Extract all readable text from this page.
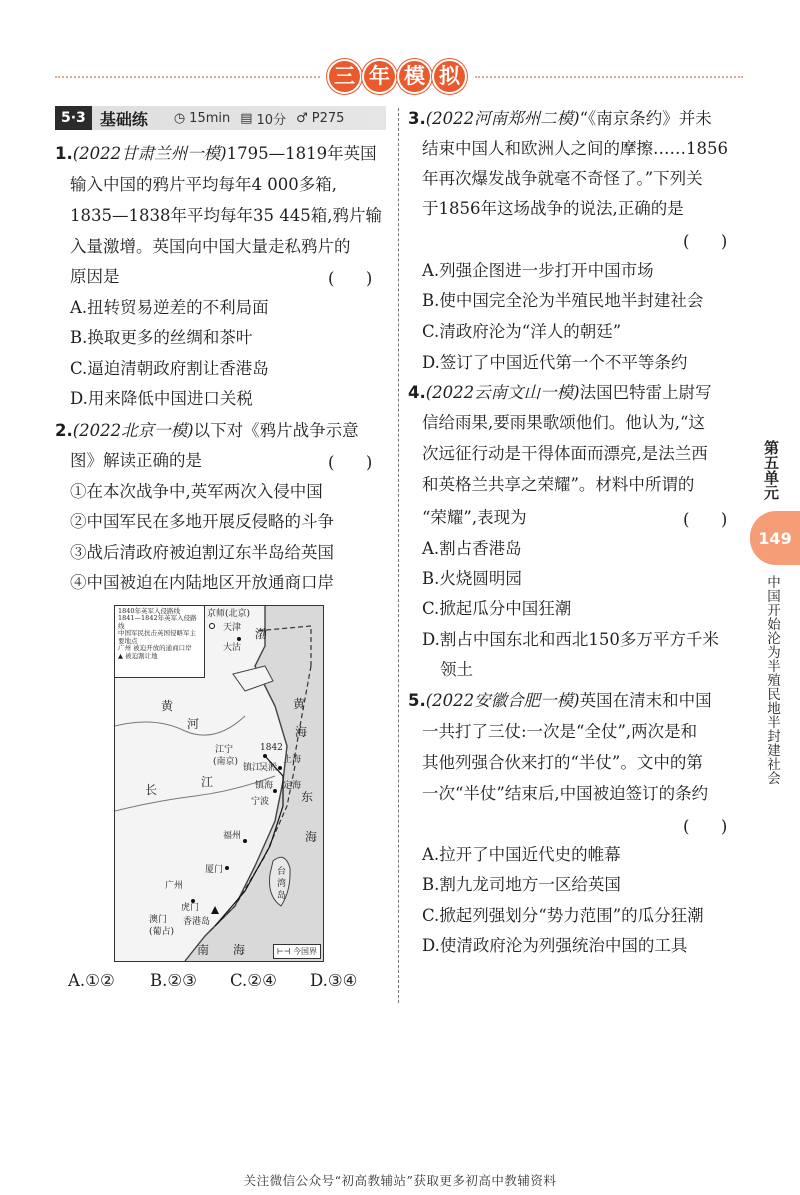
三 年 模 拟
5·3 基础练 ◷ 15min ▤ 10分 ♂ P275
1.(2022甘肃兰州一模)1795—1819年英国
输入中国的鸦片平均每年4 000多箱,
1835—1838年平均每年35 445箱,鸦片输
入量激增。英国向中国大量走私鸦片的
原因是	(      )
A.扭转贸易逆差的不利局面
B.换取更多的丝绸和茶叶
C.逼迫清朝政府割让香港岛
D.用来降低中国进口关税
2.(2022北京一模)以下对《鸦片战争示意
图》解读正确的是	(      )
①在本次战争中,英军两次入侵中国
②中国军民在多地开展反侵略的斗争
③战后清政府被迫割辽东半岛给英国
④中国被迫在内陆地区开放通商口岸
1840年英军入侵路线
1841—1842年英军入侵路线
中国军民抗击英国侵略军主要地点
广州 被迫开放的通商口岸
▲ 被迫割让地
京师(北京)
天津 渤
大沽
黄
黄
河
海
江宁
(南京)
1842
镇江
吴淞
上海
镇海 定海
宁波
长
江
东
海
福州
厦门	台
湾
岛
广州
虎门
澳门
(葡占)
香港岛
南 海	⊢⊣ 今国界
A.①② B.②③ C.②④ D.③④
3.(2022河南郑州二模)“《南京条约》并未
结束中国人和欧洲人之间的摩擦……1856
年再次爆发战争就毫不奇怪了。”下列关
于1856年这场战争的说法,正确的是
(      )
A.列强企图进一步打开中国市场
B.使中国完全沦为半殖民地半封建社会
C.清政府沦为“洋人的朝廷”
D.签订了中国近代第一个不平等条约
4.(2022云南文山一模)法国巴特雷上尉写
信给雨果,要雨果歌颂他们。他认为,“这
次远征行动是干得体面而漂亮,是法兰西
和英格兰共享之荣耀”。材料中所谓的
“荣耀”,表现为	(      )
A.割占香港岛
B.火烧圆明园
C.掀起瓜分中国狂潮
D.割占中国东北和西北150多万平方千米
领土
5.(2022安徽合肥一模)英国在清末和中国
一共打了三仗:一次是“全仗”,两次是和
其他列强合伙来打的“半仗”。文中的第
一次“半仗”结束后,中国被迫签订的条约
(      )
A.拉开了中国近代史的帷幕
B.割九龙司地方一区给英国
C.掀起列强划分“势力范围”的瓜分狂潮
D.使清政府沦为列强统治中国的工具
第五单元
149
中国开始沦为半殖民地半封建社会
关注微信公众号“初高教辅站”获取更多初高中教辅资料
